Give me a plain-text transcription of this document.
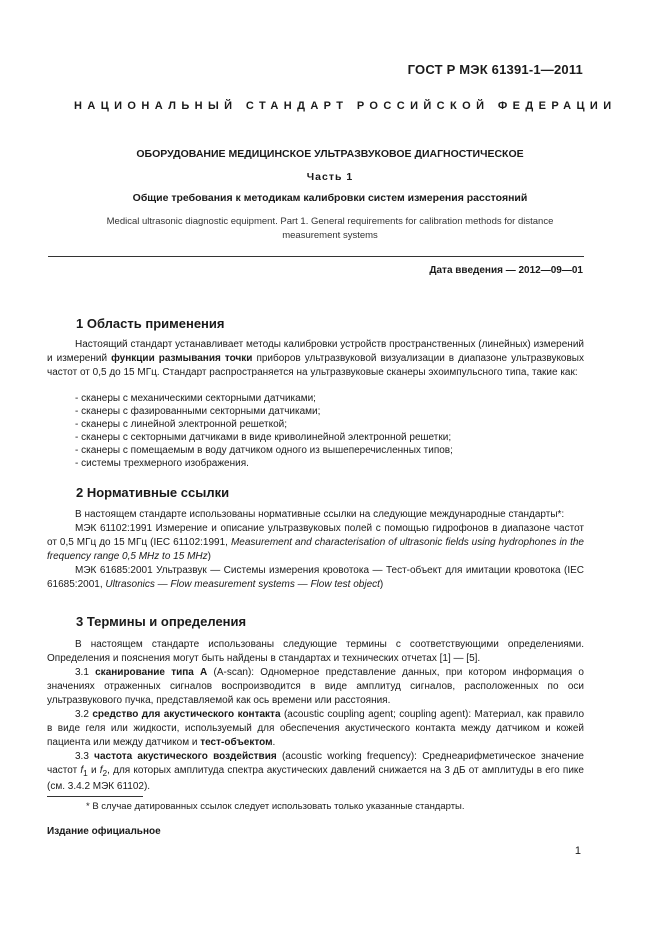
ГОСТ Р МЭК 61391-1—2011
НАЦИОНАЛЬНЫЙ СТАНДАРТ РОССИЙСКОЙ ФЕДЕРАЦИИ
ОБОРУДОВАНИЕ МЕДИЦИНСКОЕ УЛЬТРАЗВУКОВОЕ ДИАГНОСТИЧЕСКОЕ
Часть 1
Общие требования к методикам калибровки систем измерения расстояний
Medical ultrasonic diagnostic equipment. Part 1. General requirements for calibration methods for distance
measurement systems
Дата введения — 2012—09—01
1 Область применения
Настоящий стандарт устанавливает методы калибровки устройств пространственных (линейных) измерений и измерений функции размывания точки приборов ультразвуковой визуализации в диапазоне ультразвуковых частот от 0,5 до 15 МГц. Стандарт распространяется на ультразвуковые сканеры эхоимпульсного типа, такие как:
- сканеры с механическими секторными датчиками;
- сканеры с фазированными секторными датчиками;
- сканеры с линейной электронной решеткой;
- сканеры с секторными датчиками в виде криволинейной электронной решетки;
- сканеры с помещаемым в воду датчиком одного из вышеперечисленных типов;
- системы трехмерного изображения.
2 Нормативные ссылки
В настоящем стандарте использованы нормативные ссылки на следующие международные стандарты*:
МЭК 61102:1991 Измерение и описание ультразвуковых полей с помощью гидрофонов в диапазоне частот от 0,5 МГц до 15 МГц (IEC 61102:1991, Measurement and characterisation of ultrasonic fields using hydrophones in the frequency range 0,5 MHz to 15 MHz)
МЭК 61685:2001 Ультразвук — Системы измерения кровотока — Тест-объект для имитации кровотока (IEC 61685:2001, Ultrasonics — Flow measurement systems — Flow test object)
3 Термины и определения
В настоящем стандарте использованы следующие термины с соответствующими определениями. Определения и пояснения могут быть найдены в стандартах и технических отчетах [1] — [5].
3.1 сканирование типа А (A-scan): Одномерное представление данных, при котором информация о значениях отраженных сигналов воспроизводится в виде амплитуд сигналов, расположенных по оси ультразвукового пучка, представляемой как ось времени или расстояния.
3.2 средство для акустического контакта (acoustic coupling agent; coupling agent): Материал, как правило в виде геля или жидкости, используемый для обеспечения акустического контакта между датчиком и кожей пациента или между датчиком и тест-объектом.
3.3 частота акустического воздействия (acoustic working frequency): Среднеарифметическое значение частот $f_1$ и $f_2$, для которых амплитуда спектра акустических давлений снижается на 3 дБ от амплитуды в его пике (см. 3.4.2 МЭК 61102).
* В случае датированных ссылок следует использовать только указанные стандарты.
Издание официальное
1
